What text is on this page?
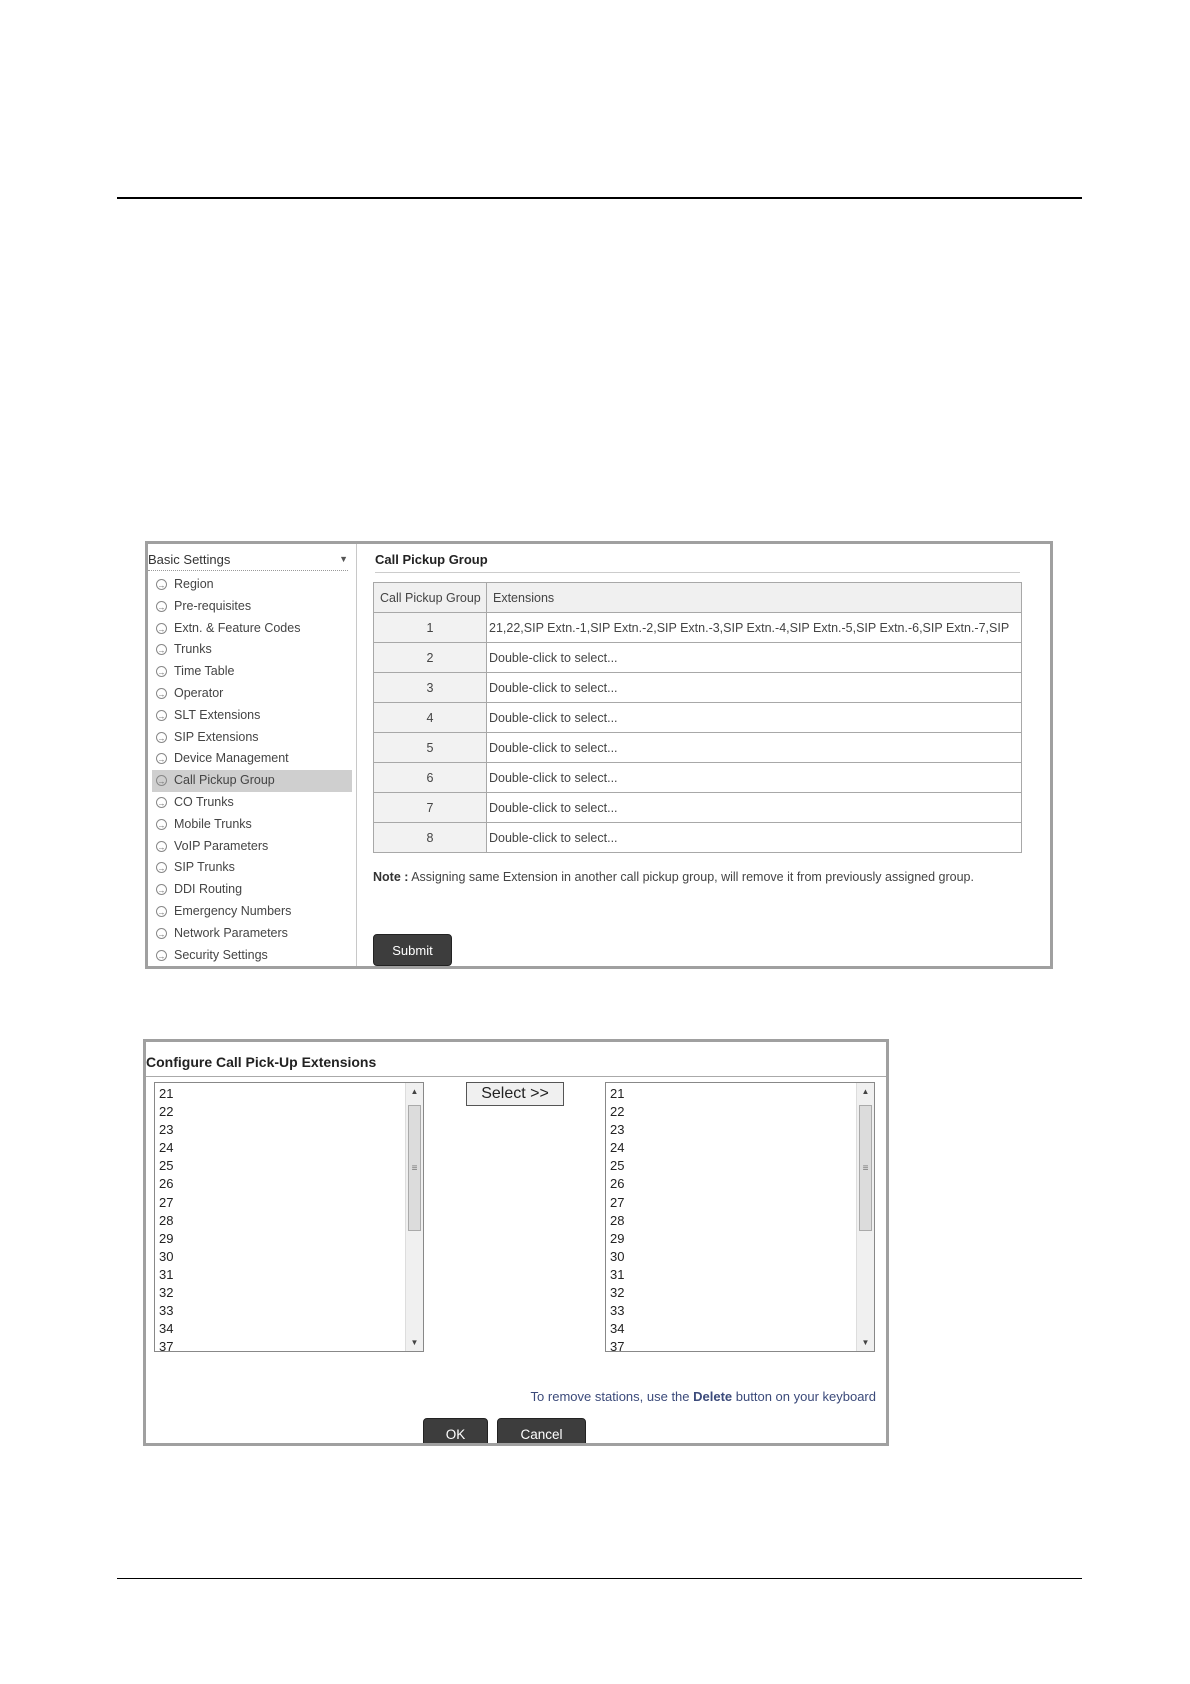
Basic Settings	▼
→ Region
→ Pre-requisites
→ Extn. & Feature Codes
→ Trunks
→ Time Table
→ Operator
→ SLT Extensions
→ SIP Extensions
→ Device Management
→ Call Pickup Group
→ CO Trunks
→ Mobile Trunks
→ VoIP Parameters
→ SIP Trunks
→ DDI Routing
→ Emergency Numbers
→ Network Parameters
→ Security Settings
Call Pickup Group
Call Pickup Group	Extensions
1	21,22,SIP Extn.-1,SIP Extn.-2,SIP Extn.-3,SIP Extn.-4,SIP Extn.-5,SIP Extn.-6,SIP Extn.-7,SIP
2	Double-click to select...
3	Double-click to select...
4	Double-click to select...
5	Double-click to select...
6	Double-click to select...
7	Double-click to select...
8	Double-click to select...
Note : Assigning same Extension in another call pickup group, will remove it from previously assigned group.
Submit
Configure Call Pick-Up Extensions
21
22
23
24
25
26
27
28
29
30
31
32
33
34
37
▲
≡
▼
Select >>	21
22
23
24
25
26
27
28
29
30
31
32
33
34
37
▲
≡
▼
To remove stations, use the Delete button on your keyboard
OK	Cancel
